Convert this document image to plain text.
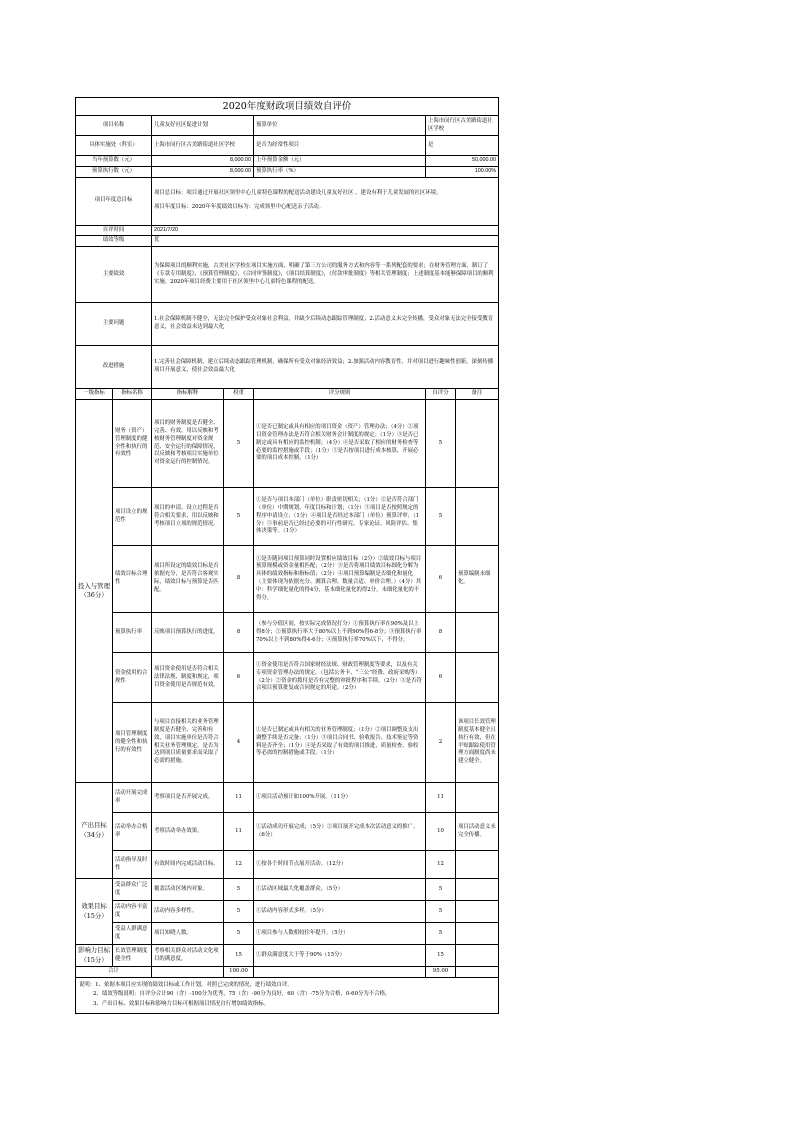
2020年度财政项目绩效自评价						
项目名称		儿童友好社区促进计划		预算单位	上海市闵行区古美路街道社区学校	
具体实施处（科室）		上海市闵行区古美路街道社区学校		是否为经常性项目	是	
当年预算数（元）		8,000.00		上年预算金额（元）	50,000.00	
预算执行数（元）		8,000.00		预算执行率（%）	100.00%	
项目年度总目标		项目总目标：项目通过开展社区领里中心儿童特色课程的配送活动建设儿童友好社区 ，建设有利于儿童发展的社区环境。

项目年度目标：2020年年度绩效目标为：完成领里中心配送亲子活动。				

自评时间		2021/7/20				
绩效等级		优				
主要绩效		为保障项目的顺利实施，古美社区学校在项目实施方面，明确了第三方公司的服务方式和内容等一系列配套的要求；在财务管理方面，制订了《专款专用制度》，《预算管理制度》，《合同审签制度》，《项目结算制度》，《付款审批制度》等相关管理制度；上述制度基本能够保障项目的顺利实施。2020年项目经费主要用于社区领里中心儿童特色课程的配送。				
主要问题		1.社会保障机制不健全，无法完全保护受众对象社会利益，并缺少后续动态跟踪管理制度；2.活动意义未完全传播，受众对象无法完全接受教育意义，社会效益未达到最大化				
改进措施		1.完善社会保障机制，建立后续动态跟踪管理机制，确保所有受众对象经济效益；2.加强活动内容教育性，并对项目进行趣味性创新，深刻传播项目开展意义，使社会效益最大化				
一级指标	指标名称	指标解释	权重	评分规则	自评分	备注
投入与管理（36分）	财务（资产）管理制度的健全性和执行的有效性	项目的财务制度是否健全、完善、有效，用以反映和考核财务管理制度对资金规范、安全运行的保障情况，以反映和考核项目实施单位对资金运行的控制情况。	5	①是否已制定或具有相应的项目资金（资产）管理办法；（4分）②项目资金管理办法是否符合相关财务会计制度的规定；（1分）③是否已制定或具有相应的监控机制；（4分）④是否采取了相应的财务检查等必要的监控措施或手段；（1分）⑤是否按项目进行成本核算，开展必要的项目成本控制。（1分）	5	
	项目设立的规范性	项目的申请、设立过程是否符合相关要求，用以反映和考核项目立项的规范情况。	5	①是否与项目本部门（单位）职责密切相关；（1分）②是否符合部门（单位）中期规划、年度目标和计划；（1分）③项目是否按照规定的程序申请设立；（1分）④项目是否经过本部门（单位）预算评审；（1分）⑤事前是否已经过必要的可行性研究、专家论证、风险评估、集体决策等。（1分）	5	
	绩效目标合理性	项目所设定的绩效目标是否依据充分，是否符合客观实际，绩效目标与预算是否匹配。	8	①是否随同项目预算同时设置相应绩效目标（2分）②绩效目标与项目预算规模或资金量相匹配；（2分）③是否将项目绩效目标细化分解为具体的绩效指标和指标值；（2分）④项目预算编制是否细化和量化（主要体现为依据充分、测算合理、数量合适、单价合理。）（4分）其中：科学细化量化的得4分，基本细化量化的得2分，未细化量化的不得分。	6	预算编制未细化。
	预算执行率	反映项目预算执行的进度。	8	（参与分值区间，按实际完成情况打分）①预算执行率在90%及以上得8分；②预算执行率大于80%以上不到90%得6-8分；③预算执行率70%以上不到80%得4-6分；④预算执行率70%以下，不得分。	8	
	资金使用的合规性	项目资金使用是否符合相关法律法规、制度和规定，项目资金使用是否规范有效。	6	①资金使用是否符合国家财经法规、财政管理制度等要求，以及有关专项资金管理办法的规定。（包括公务卡、“三公”经费、政府采购等）（2分）②资金的拨付是否有完整的审批程序和手续。（2分）③是否符合项目预算批复或合同规定的用途。（2分）	6	
	项目管理制度的健全性和执行的有效性	与项目直接相关的业务管理制度是否健全、完善和有效，项目实施单位是否符合相关业务管理规定，是否为达到项目质量要求而采取了必需的措施。	4	①是否已制定或具有相关的业务管理制度；（1分）②项目调整及支出调整手续是否完备；（1分）③项目合同书、验收报告、技术鉴定等资料是否齐全；（1分）④是否采取了有效的项目推进、质量检查、验收等必需的控制措施或手段。（1分）	2	该项目长效管理制度基本健全且执行有效，但在平贴跟踪使用管理方面制度尚未建立健全。
产出目标（34分）	活动开展完成率	考察项目是否开展完成。	11	①项目活动预计如100%开展。（11分）	11	
	活动举办合格率	考察活动举办效果。	11	①活动成功开展完成；（5分）②项目展开完成本次活动意义的推广。（6分）	10	项目活动意义未完全传播。
	活动指导及时性	有效时间内完成活动目标。	12	①按各个时间节点展开活动。（12分）	12	
效果目标（15分）	受益群众广泛度	覆盖活动区域内对象。	5	①活动区域最大化覆盖群众。（5分）	5	
	活动内容丰富度	活动内容多样性。	5	①活动内容形式多样。（5分）	5	
	受益人群满意度	项目知晓人数。	5	①项目参与人数相较往年提升。（5分）	5	
影响力目标（15分）	长效管理制度健全性	考察相关群众对活动文化项目的满意度。	15	①群众满意度大于等于90%（15分）	15	
合计			100.00		95.00	

说明：1、依据本项目应实现的绩效目标或工作计划，对照已完成的情况，进行绩效自评。

2、绩效等级说明：自评分合计90（含）-100分为优秀，75（含）-90分为良好，60（含）-75分为合格，0-60分为不合格。

3、产出目标、效果目标和影响力目标可根据项目情况自行增加绩效指标。						
